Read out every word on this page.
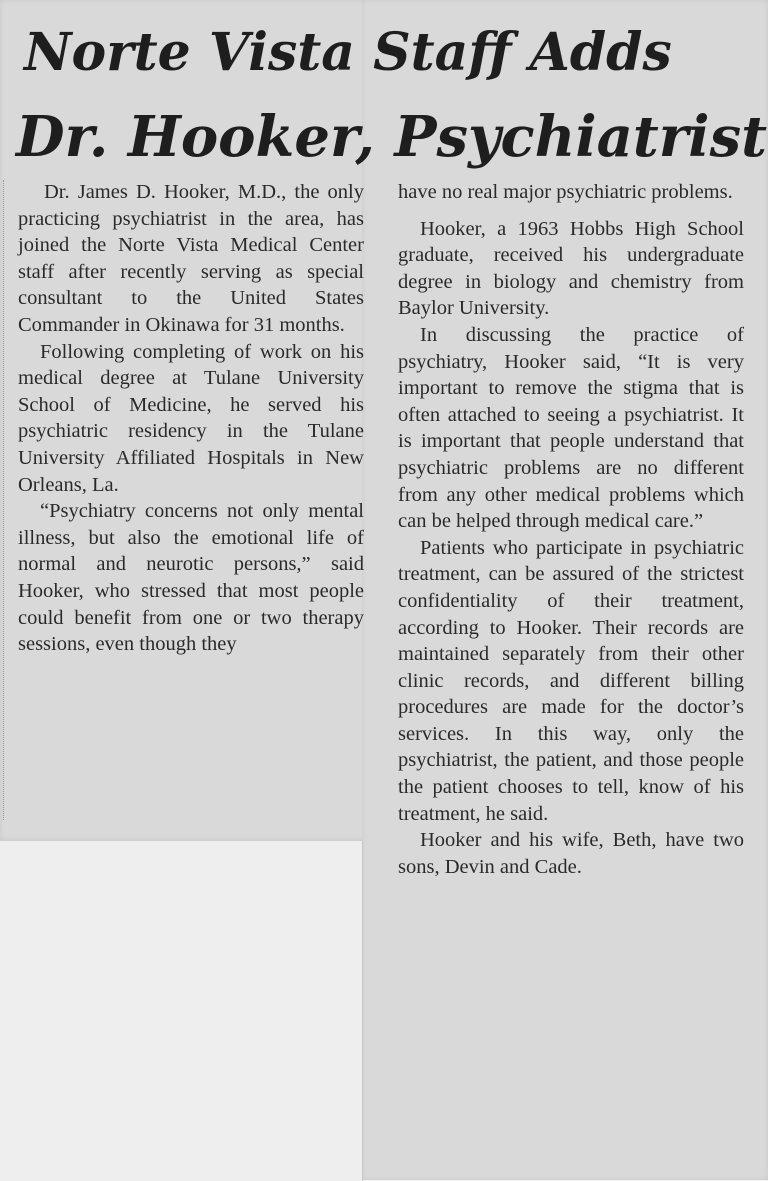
Norte Vista Staff Adds
Dr. Hooker, Psychiatrist

Dr. James D. Hooker, M.D., the only practicing psychiatrist in the area, has joined the Norte Vista Medical Center staff after recently serving as special consultant to the United States Commander in Okinawa for 31 months.

Following completing of work on his medical degree at Tulane University School of Medicine, he served his psychiatric residency in the Tulane University Affiliated Hospitals in New Orleans, La.

“Psychiatry concerns not only mental illness, but also the emotional life of normal and neurotic persons,” said Hooker, who stressed that most people could benefit from one or two therapy sessions, even though they

have no real major psychiatric problems.

Hooker, a 1963 Hobbs High School graduate, received his undergraduate degree in biology and chemistry from Baylor University.

In discussing the practice of psychiatry, Hooker said, “It is very important to remove the stigma that is often attached to seeing a psychiatrist. It is important that people understand that psychiatric problems are no different from any other medical problems which can be helped through medical care.”

Patients who participate in psychiatric treatment, can be assured of the strictest confidentiality of their treatment, according to Hooker. Their records are maintained separately from their other clinic records, and different billing procedures are made for the doctor’s services. In this way, only the psychiatrist, the patient, and those people the patient chooses to tell, know of his treatment, he said.

Hooker and his wife, Beth, have two sons, Devin and Cade.
